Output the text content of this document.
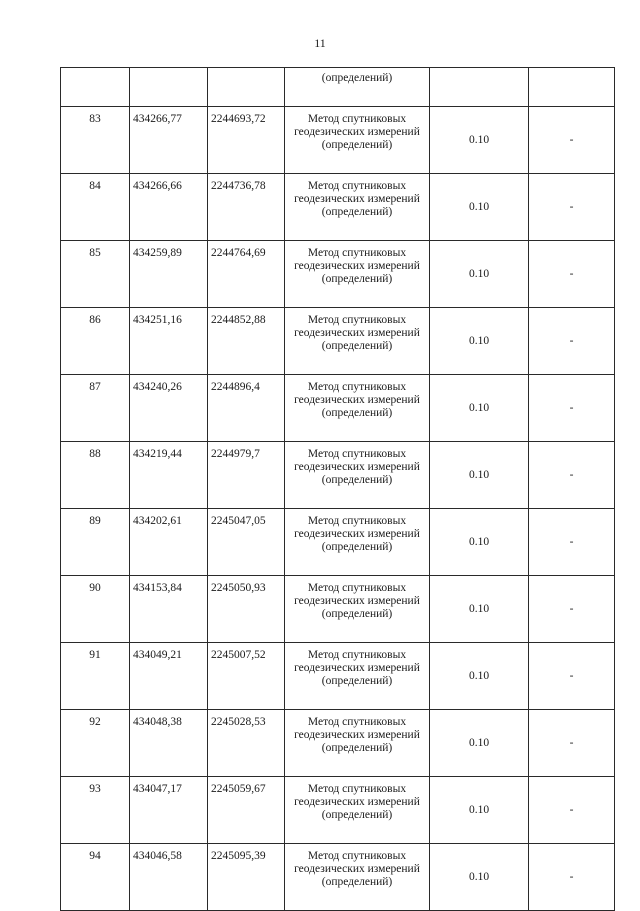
11
			(определений)		
83	434266,77	2244693,72	Метод спутниковых
геодезических измерений
(определений)	0.10	-
84	434266,66	2244736,78	Метод спутниковых
геодезических измерений
(определений)	0.10	-
85	434259,89	2244764,69	Метод спутниковых
геодезических измерений
(определений)	0.10	-
86	434251,16	2244852,88	Метод спутниковых
геодезических измерений
(определений)	0.10	-
87	434240,26	2244896,4	Метод спутниковых
геодезических измерений
(определений)	0.10	-
88	434219,44	2244979,7	Метод спутниковых
геодезических измерений
(определений)	0.10	-
89	434202,61	2245047,05	Метод спутниковых
геодезических измерений
(определений)	0.10	-
90	434153,84	2245050,93	Метод спутниковых
геодезических измерений
(определений)	0.10	-
91	434049,21	2245007,52	Метод спутниковых
геодезических измерений
(определений)	0.10	-
92	434048,38	2245028,53	Метод спутниковых
геодезических измерений
(определений)	0.10	-
93	434047,17	2245059,67	Метод спутниковых
геодезических измерений
(определений)	0.10	-
94	434046,58	2245095,39	Метод спутниковых
геодезических измерений
(определений)	0.10	-
